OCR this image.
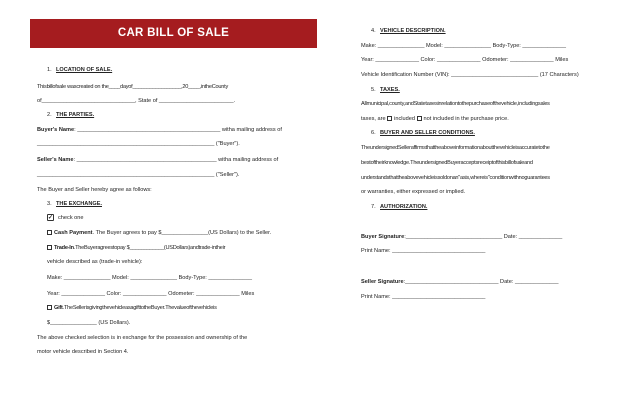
CAR BILL OF SALE
1. LOCATION OF SALE.
Thisbillofsale wascreated on the____dayof_________________,20____,intheCounty
of______________________________, State of ________________________.
2. THE PARTIES.
Buyer's Name: ______________________________________________ witha mailing address of
_________________________________________________________ ("Buyer").
Seller's Name: _____________________________________________ witha mailing address of
_________________________________________________________ ("Seller").
The Buyer and Seller hereby agree as follows:
3. THE EXCHANGE.
✓ check one
Cash Payment. The Buyer agrees to pay $_______________(US Dollars) to the Seller.
Trade-In.TheBuyeragreestopay $____________(USDollars)andtrade-intheir
vehicle described as (trade-in vehicle):
Make: _______________ Model: _______________ Body-Type: ______________
Year: ______________ Color: ______________ Odometer: ______________ Miles
Gift.TheSellerisgivingthevehicleasagifttotheBuyer.Thevalueofthevehicleis
$_______________ (US Dollars).
The above checked selection is in exchange for the possession and ownership of the
motor vehicle described in Section 4.
4. VEHICLE DESCRIPTION.
Make: _______________ Model: _______________ Body-Type: ______________
Year: ______________ Color: ______________ Odometer: ______________ Miles
Vehicle Identification Number (VIN): ____________________________ (17 Characters)
5. TAXES.
Allmunicipal,county,andStatetaxesinrelationtothepurchaseofthevehicle,includingsales
taxes, are included not included in the purchase price.
6. BUYER AND SELLER CONDITIONS.
TheundersignedSelleraffirmsthattheaboveinformationaboutthevehicleisaccuratetothe
bestoftheirknowledge.TheundersignedBuyeracceptsreceiptofthisbillofsaleand
understandsthattheabovevehicleissoldonan"asis,whereis"conditionwithnoguarantees
or warranties, either expressed or implied.
7. AUTHORIZATION.
Buyer Signature:_______________________________ Date: ______________
Print Name: ______________________________
Seller Signature:______________________________ Date: ______________
Print Name: ______________________________
